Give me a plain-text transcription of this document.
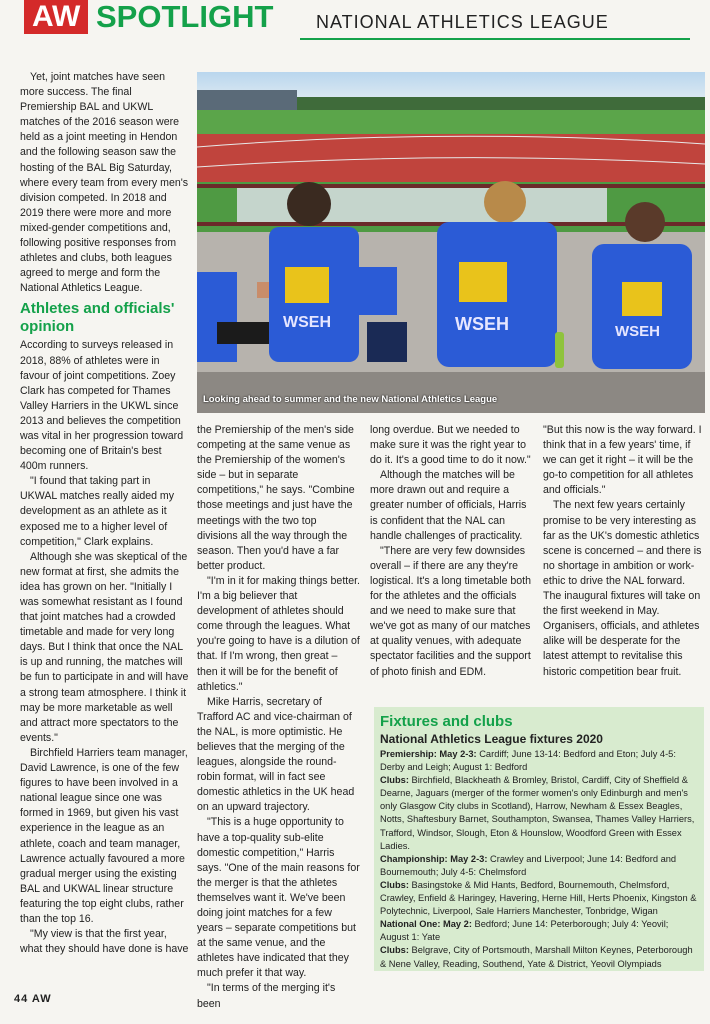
AW SPOTLIGHT NATIONAL ATHLETICS LEAGUE

Yet, joint matches have seen more success. The final Premiership BAL and UKWL matches of the 2016 season were held as a joint meeting in Hendon and the following season saw the hosting of the BAL Big Saturday, where every team from every men's division competed. In 2018 and 2019 there were more and more mixed-gender competitions and, following positive responses from athletes and clubs, both leagues agreed to merge and form the National Athletics League.

Athletes and officials' opinion

According to surveys released in 2018, 88% of athletes were in favour of joint competitions. Zoey Clark has competed for Thames Valley Harriers in the UKWL since 2013 and believes the competition was vital in her progression toward becoming one of Britain's best 400m runners.

"I found that taking part in UKWAL matches really aided my development as an athlete as it exposed me to a higher level of competition," Clark explains.

Although she was skeptical of the new format at first, she admits the idea has grown on her. "Initially I was somewhat resistant as I found that joint matches had a crowded timetable and made for very long days. But I think that once the NAL is up and running, the matches will be fun to participate in and will have a strong team atmosphere. I think it may be more marketable as well and attract more spectators to the events."

Birchfield Harriers team manager, David Lawrence, is one of the few figures to have been involved in a national league since one was formed in 1969, but given his vast experience in the league as an athlete, coach and team manager, Lawrence actually favoured a more gradual merger using the existing BAL and UKWAL linear structure featuring the top eight clubs, rather than the top 16.

"My view is that the first year, what they should have done is have

WSEH	WSEH	WSEH
Looking ahead to summer and the new National Athletics League

the Premiership of the men's side competing at the same venue as the Premiership of the women's side – but in separate competitions," he says. "Combine those meetings and just have the meetings with the two top divisions all the way through the season. Then you'd have a far better product.

"I'm in it for making things better. I'm a big believer that development of athletes should come through the leagues. What you're going to have is a dilution of that. If I'm wrong, then great – then it will be for the benefit of athletics."

Mike Harris, secretary of Trafford AC and vice-chairman of the NAL, is more optimistic. He believes that the merging of the leagues, alongside the round-robin format, will in fact see domestic athletics in the UK head on an upward trajectory.

"This is a huge opportunity to have a top-quality sub-elite domestic competition," Harris says. "One of the main reasons for the merger is that the athletes themselves want it. We've been doing joint matches for a few years – separate competitions but at the same venue, and the athletes have indicated that they much prefer it that way.

"In terms of the merging it's been

long overdue. But we needed to make sure it was the right year to do it. It's a good time to do it now."

Although the matches will be more drawn out and require a greater number of officials, Harris is confident that the NAL can handle challenges of practicality.

"There are very few downsides overall – if there are any they're logistical. It's a long timetable both for the athletes and the officials and we need to make sure that we've got as many of our matches at quality venues, with adequate spectator facilities and the support of photo finish and EDM.

"But this now is the way forward. I think that in a few years' time, if we can get it right – it will be the go-to competition for all athletes and officials."

The next few years certainly promise to be very interesting as far as the UK's domestic athletics scene is concerned – and there is no shortage in ambition or work-ethic to drive the NAL forward. The inaugural fixtures will take on the first weekend in May. Organisers, officials, and athletes alike will be desperate for the latest attempt to revitalise this historic competition bear fruit.

Fixtures and clubs
National Athletics League fixtures 2020

Premiership: May 2-3: Cardiff; June 13-14: Bedford and Eton; July 4-5: Derby and Leigh; August 1: Bedford

Clubs: Birchfield, Blackheath & Bromley, Bristol, Cardiff, City of Sheffield & Dearne, Jaguars (merger of the former women's only Edinburgh and men's only Glasgow City clubs in Scotland), Harrow, Newham & Essex Beagles, Notts, Shaftesbury Barnet, Southampton, Swansea, Thames Valley Harriers, Trafford, Windsor, Slough, Eton & Hounslow, Woodford Green with Essex Ladies.

Championship: May 2-3: Crawley and Liverpool; June 14: Bedford and Bournemouth; July 4-5: Chelmsford

Clubs: Basingstoke & Mid Hants, Bedford, Bournemouth, Chelmsford, Crawley, Enfield & Haringey, Havering, Herne Hill, Herts Phoenix, Kingston & Polytechnic, Liverpool, Sale Harriers Manchester, Tonbridge, Wigan

National One: May 2: Bedford; June 14: Peterborough; July 4: Yeovil; August 1: Yate

Clubs: Belgrave, City of Portsmouth, Marshall Milton Keynes, Peterborough & Nene Valley, Reading, Southend, Yate & District, Yeovil Olympiads

44 AW
